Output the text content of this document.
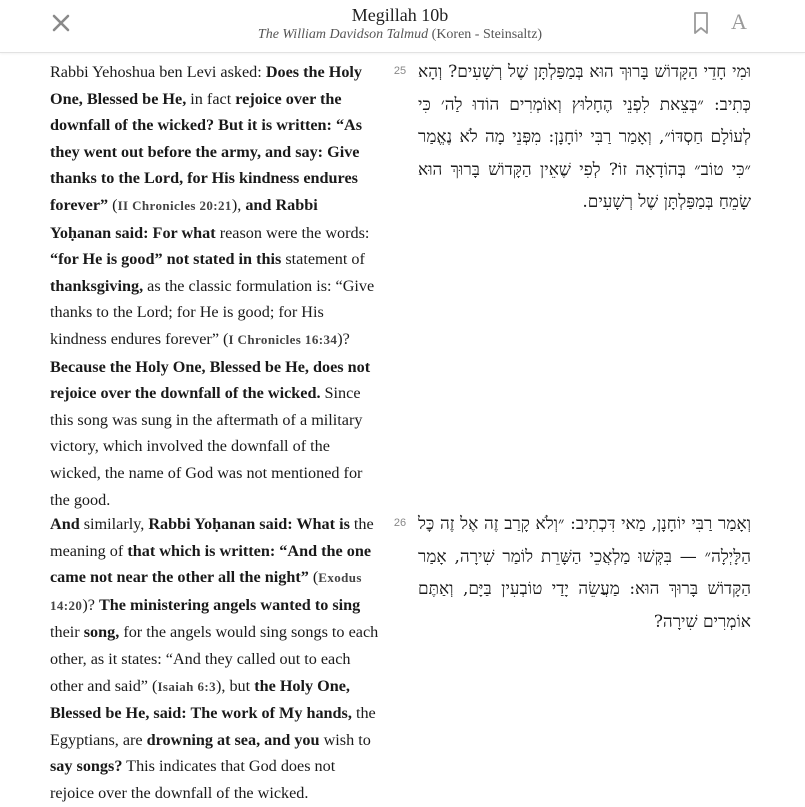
Megillah 10b
The William Davidson Talmud (Koren - Steinsaltz)
A
Rabbi Yehoshua ben Levi asked: Does the Holy One, Blessed be He, in fact rejoice over the downfall of the wicked? But it is written: “As they went out before the army, and say: Give thanks to the Lord, for His kindness endures forever” (II Chronicles 20:21), and Rabbi Yoḥanan said: For what reason were the words: “for He is good” not stated in this statement of thanksgiving, as the classic formulation is: “Give thanks to the Lord; for He is good; for His kindness endures forever” (I Chronicles 16:34)? Because the Holy One, Blessed be He, does not rejoice over the downfall of the wicked. Since this song was sung in the aftermath of a military victory, which involved the downfall of the wicked, the name of God was not mentioned for the good.
25 וּמִי חָדֵי הַקָּדוֹשׁ בָּרוּךְ הוּא בְּמַפַּלְתָּן שֶׁל רְשָׁעִים? וְהָא כְּתִיב: ״בְּצֵאת לִפְנֵי הֶחָלוּץ וְאוֹמְרִים הוֹדוּ לַה׳ כִּי לְעוֹלָם חַסְדּוֹ״, וְאָמַר רַבִּי יוֹחָנָן: מִפְּנֵי מָה לֹא נֶאֱמַר ״כִּי טוֹב״ בְּהוֹדָאָה זוֹ? לְפִי שֶׁאֵין הַקָּדוֹשׁ בָּרוּךְ הוּא שָׂמֵחַ בְּמַפַּלְתָּן שֶׁל רְשָׁעִים.
And similarly, Rabbi Yoḥanan said: What is the meaning of that which is written: “And the one came not near the other all the night” (Exodus 14:20)? The ministering angels wanted to sing their song, for the angels would sing songs to each other, as it states: “And they called out to each other and said” (Isaiah 6:3), but the Holy One, Blessed be He, said: The work of My hands, the Egyptians, are drowning at sea, and you wish to say songs? This indicates that God does not rejoice over the downfall of the wicked.
26 וְאָמַר רַבִּי יוֹחָנָן, מַאי דִּכְתִיב: ״וְלֹא קָרַב זֶה אֶל זֶה כׇּל הַלָּיְלָה״ — בִּקְּשׁוּ מַלְאֲכֵי הַשָּׁרֵת לוֹמַר שִׁירָה, אָמַר הַקָּדוֹשׁ בָּרוּךְ הוּא: מַעֲשֵׂה יָדַי טוֹבְעִין בַּיָּם, וְאַתֶּם אוֹמְרִים שִׁירָה?
